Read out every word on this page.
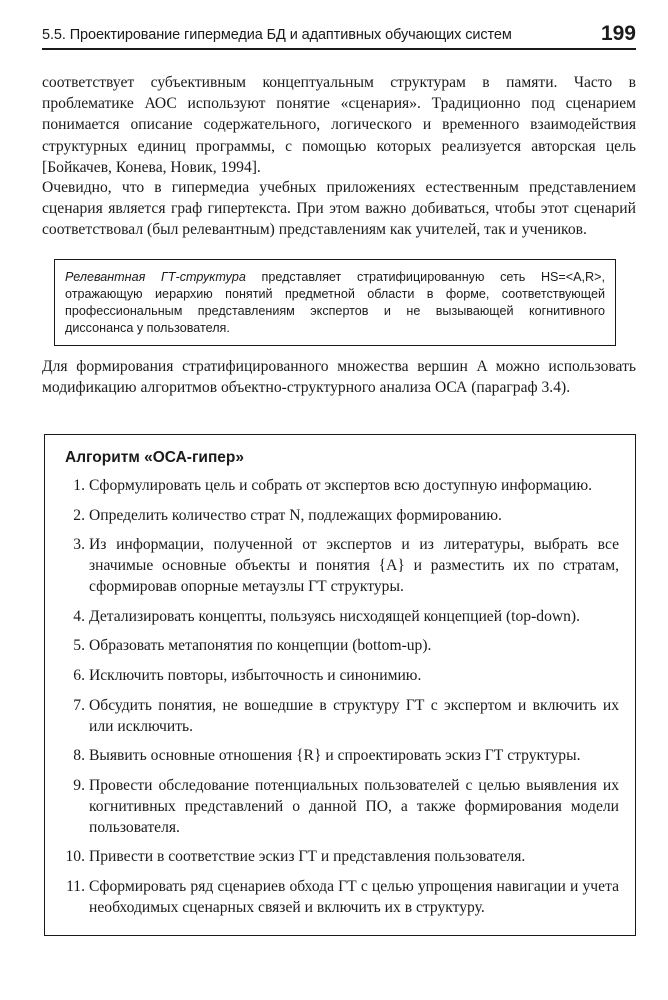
5.5. Проектирование гипермедиа БД и адаптивных обучающих систем	199

соответствует субъективным концептуальным структурам в памяти. Часто в проблематике АОС используют понятие «сценария». Традиционно под сценарием понимается описание содержательного, логического и временного взаимодействия структурных единиц программы, с помощью которых реализуется авторская цель [Бойкачев, Конева, Новик, 1994].

Очевидно, что в гипермедиа учебных приложениях естественным представлением сценария является граф гипертекста. При этом важно добиваться, чтобы этот сценарий соответствовал (был релевантным) представлениям как учителей, так и учеников.

Релевантная ГТ-структура представляет стратифицированную сеть HS=<A,R>, отражающую иерархию понятий предметной области в форме, соответствующей профессиональным представлениям экспертов и не вызывающей когнитивного диссонанса у пользователя.

Для формирования стратифицированного множества вершин A можно использовать модификацию алгоритмов объектно-структурного анализа ОСА (параграф 3.4).

Алгоритм «ОСА-гипер»
1. Сформулировать цель и собрать от экспертов всю доступную информацию.
2. Определить количество страт N, подлежащих формированию.
3. Из информации, полученной от экспертов и из литературы, выбрать все значимые основные объекты и понятия {A} и разместить их по стратам, сформировав опорные метаузлы ГТ структуры.
4. Детализировать концепты, пользуясь нисходящей концепцией (top-down).
5. Образовать метапонятия по концепции (bottom-up).
6. Исключить повторы, избыточность и синонимию.
7. Обсудить понятия, не вошедшие в структуру ГТ с экспертом и включить их или исключить.
8. Выявить основные отношения {R} и спроектировать эскиз ГТ структуры.
9. Провести обследование потенциальных пользователей с целью выявления их когнитивных представлений о данной ПО, а также формирования модели пользователя.
10. Привести в соответствие эскиз ГТ и представления пользователя.
11. Сформировать ряд сценариев обхода ГТ с целью упрощения навигации и учета необходимых сценарных связей и включить их в структуру.
